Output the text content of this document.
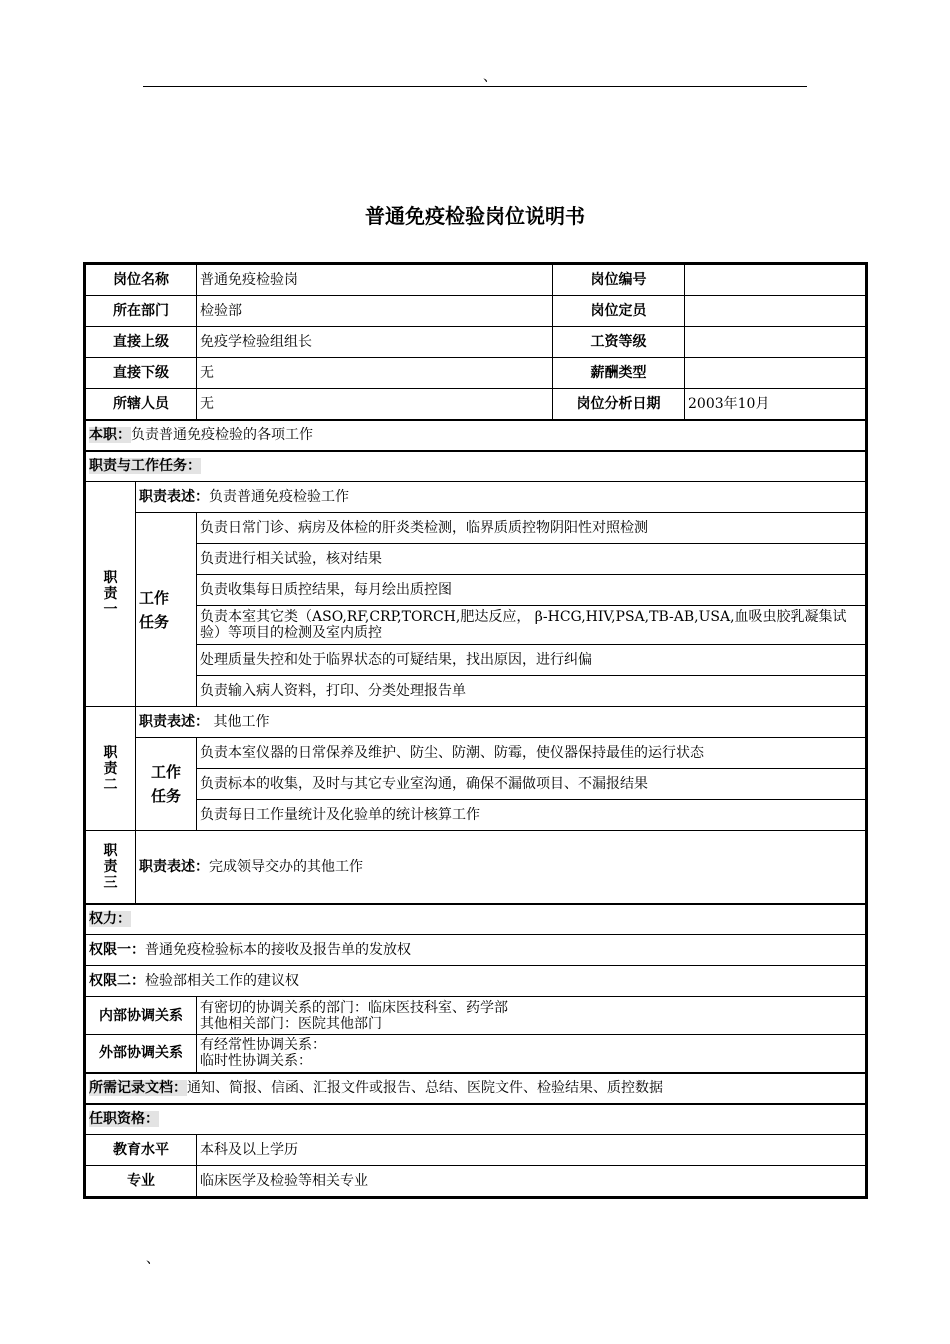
、
普通免疫检验岗位说明书
岗位名称		普通免疫检验岗	岗位编号	
所在部门		检验部	岗位定员	
直接上级		免疫学检验组组长	工资等级	
直接下级		无	薪酬类型	
所辖人员		无	岗位分析日期	2003年10月
本职：负责普通免疫检验的各项工作				
职责与工作任务：				
职责一	职责表述：负责普通免疫检验工作			
	工作任务	负责日常门诊、病房及体检的肝炎类检测，临界质质控物阴阳性对照检测		
		负责进行相关试验，核对结果		
		负责收集每日质控结果，每月绘出质控图		
		负责本室其它类（ASO,RF,CRP,TORCH,肥达反应， β-HCG,HIV,PSA,TB-AB,USA,血吸虫胶乳凝集试验）等项目的检测及室内质控		
		处理质量失控和处于临界状态的可疑结果，找出原因，进行纠偏		
		负责输入病人资料，打印、分类处理报告单		
职责二	职责表述： 其他工作			
	工作任务	负责本室仪器的日常保养及维护、防尘、防潮、防霉，使仪器保持最佳的运行状态		
		负责标本的收集，及时与其它专业室沟通，确保不漏做项目、不漏报结果		
		负责每日工作量统计及化验单的统计核算工作		
职责三	职责表述：完成领导交办的其他工作			
权力：				
权限一：普通免疫检验标本的接收及报告单的发放权				
权限二：检验部相关工作的建议权				
内部协调关系		有密切的协调关系的部门：临床医技科室、药学部
其他相关部门：医院其他部门		

外部协调关系		有经常性协调关系：
临时性协调关系：		

所需记录文档：通知、简报、信函、汇报文件或报告、总结、医院文件、检验结果、质控数据				
任职资格：				
教育水平		本科及以上学历		
专业		临床医学及检验等相关专业		
、
